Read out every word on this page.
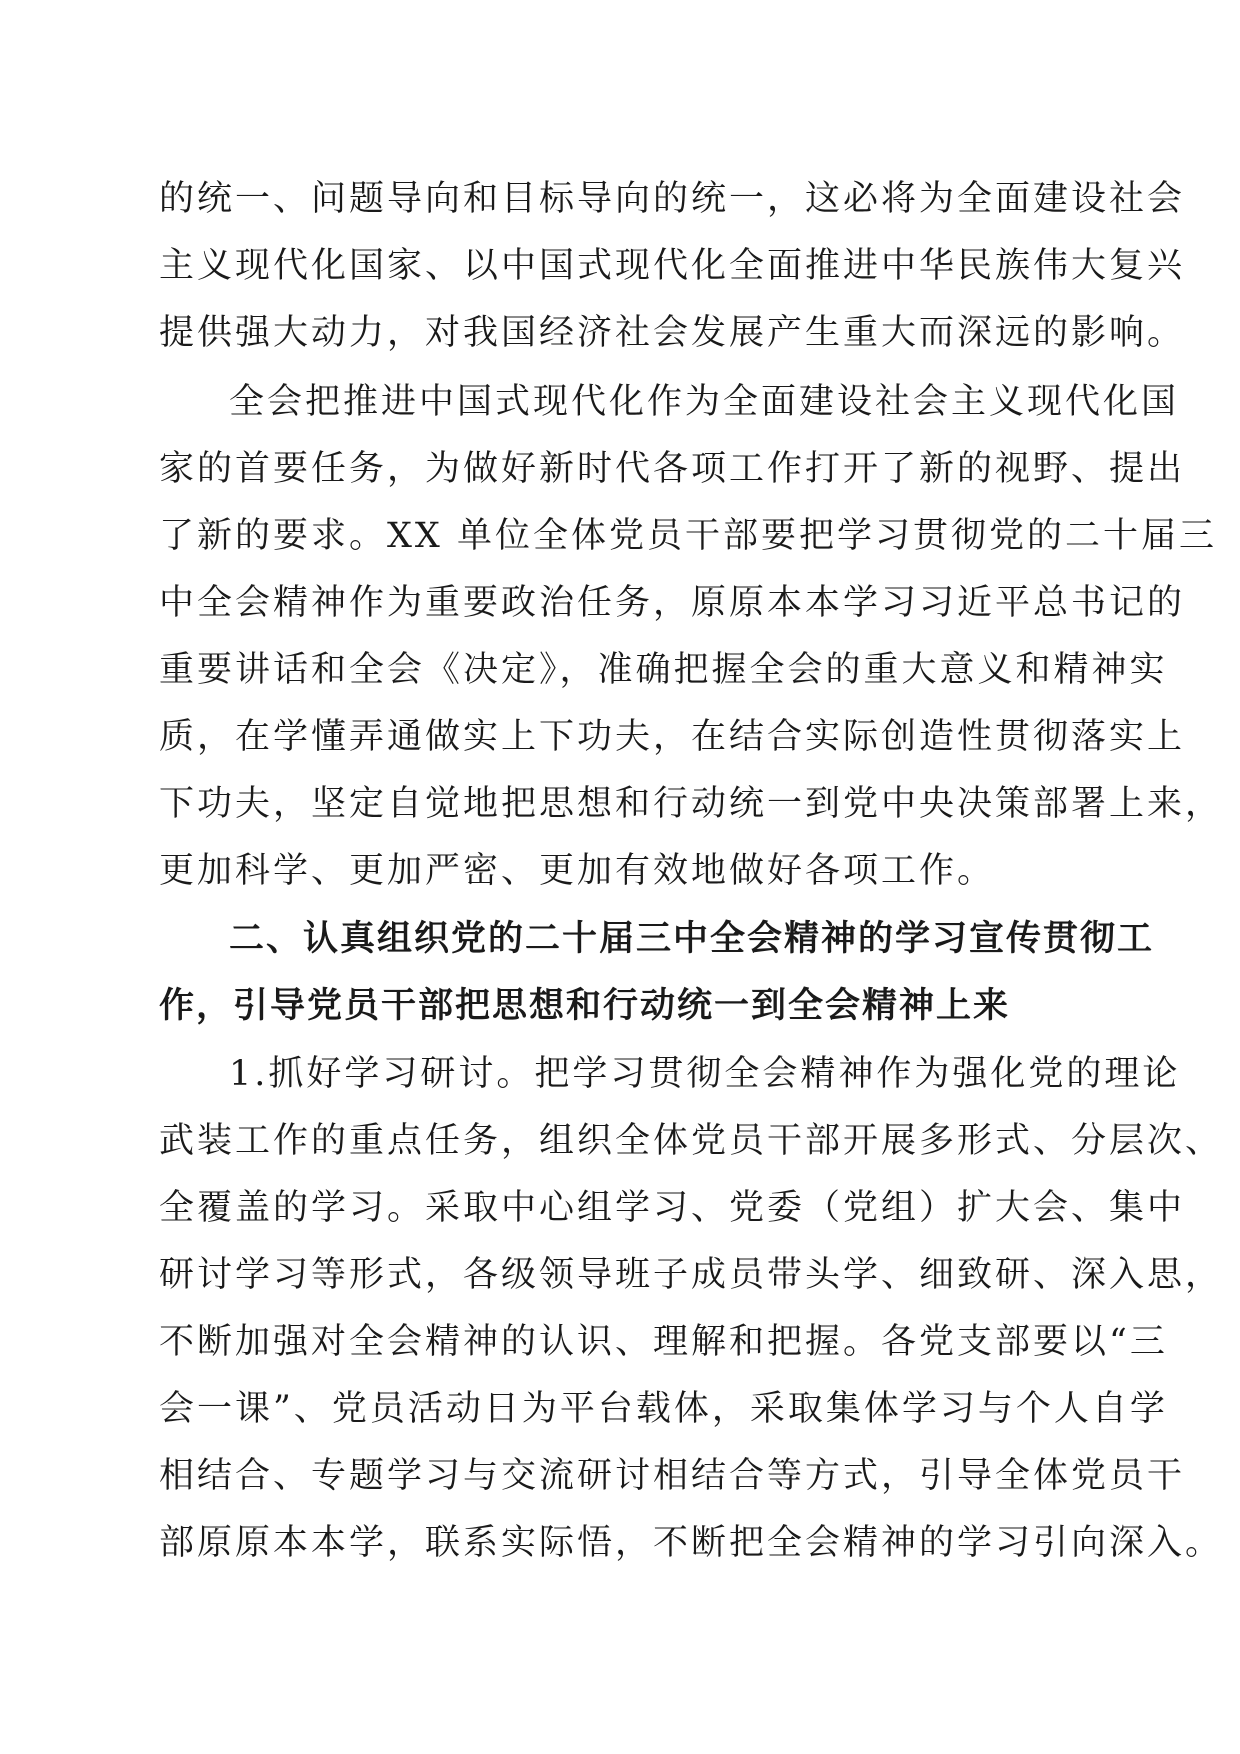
的统一、问题导向和目标导向的统一，这必将为全面建设社会
主义现代化国家、以中国式现代化全面推进中华民族伟大复兴
提供强大动力，对我国经济社会发展产生重大而深远的影响。
全会把推进中国式现代化作为全面建设社会主义现代化国
家的首要任务，为做好新时代各项工作打开了新的视野、提出
了新的要求。XX 单位全体党员干部要把学习贯彻党的二十届三
中全会精神作为重要政治任务，原原本本学习习近平总书记的
重要讲话和全会《决定》，准确把握全会的重大意义和精神实
质，在学懂弄通做实上下功夫，在结合实际创造性贯彻落实上
下功夫，坚定自觉地把思想和行动统一到党中央决策部署上来，
更加科学、更加严密、更加有效地做好各项工作。
二、认真组织党的二十届三中全会精神的学习宣传贯彻工
作，引导党员干部把思想和行动统一到全会精神上来
1.抓好学习研讨。把学习贯彻全会精神作为强化党的理论
武装工作的重点任务，组织全体党员干部开展多形式、分层次、
全覆盖的学习。采取中心组学习、党委（党组）扩大会、集中
研讨学习等形式，各级领导班子成员带头学、细致研、深入思，
不断加强对全会精神的认识、理解和把握。各党支部要以“三
会一课”、党员活动日为平台载体，采取集体学习与个人自学
相结合、专题学习与交流研讨相结合等方式，引导全体党员干
部原原本本学，联系实际悟，不断把全会精神的学习引向深入。
